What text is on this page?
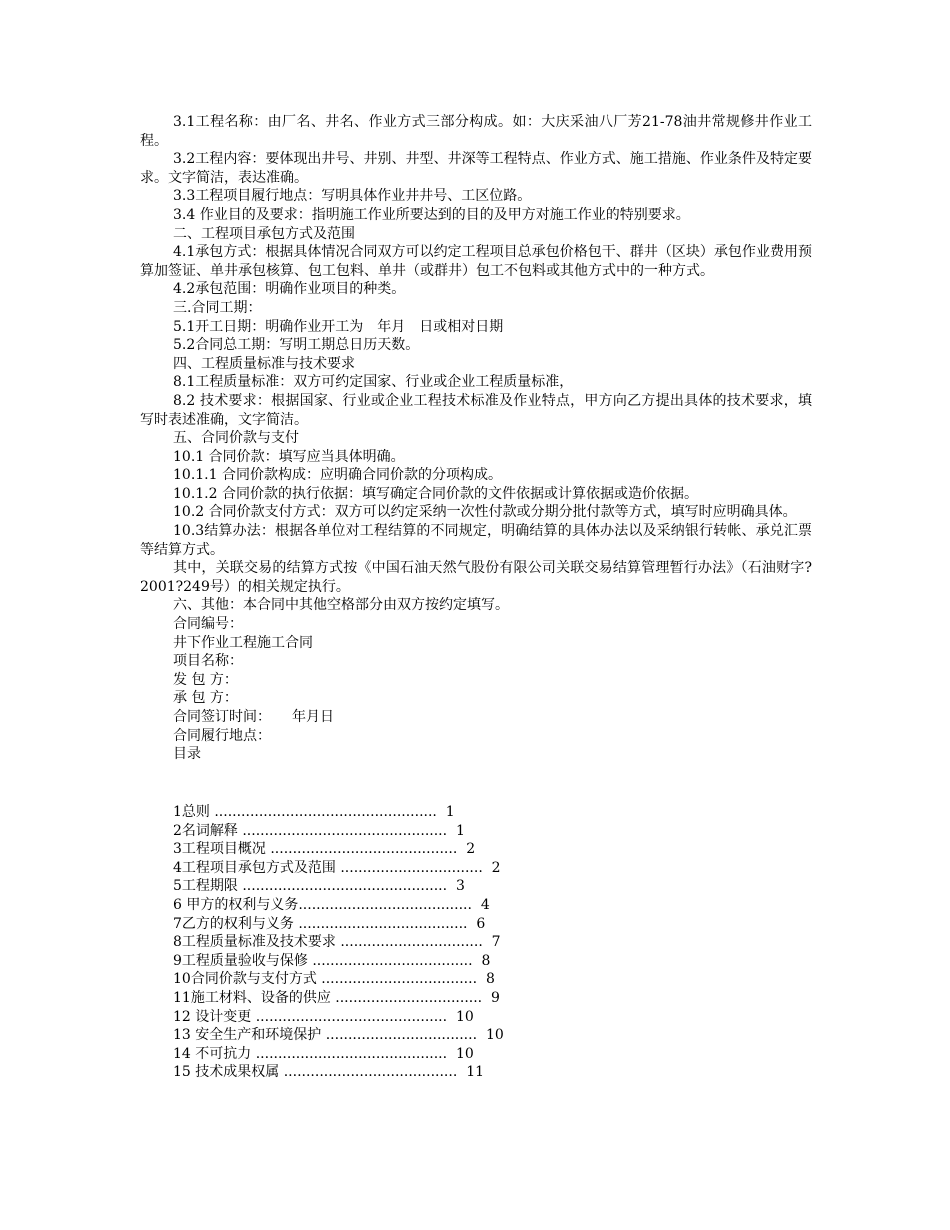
3.1工程名称：由厂名、井名、作业方式三部分构成。如：大庆采油八厂芳21-78油井常规修井作业工程。

3.2工程内容：要体现出井号、井别、井型、井深等工程特点、作业方式、施工措施、作业条件及特定要求。文字简洁，表达准确。

3.3工程项目履行地点：写明具体作业井井号、工区位路。

3.4 作业目的及要求：指明施工作业所要达到的目的及甲方对施工作业的特别要求。

二、工程项目承包方式及范围

4.1承包方式：根据具体情况合同双方可以约定工程项目总承包价格包干、群井（区块）承包作业费用预算加签证、单井承包核算、包工包料、单井（或群井）包工不包料或其他方式中的一种方式。

4.2承包范围：明确作业项目的种类。

三.合同工期：

5.1开工日期：明确作业开工为　年月　日或相对日期

5.2合同总工期：写明工期总日历天数。

四、工程质量标准与技术要求

8.1工程质量标准：双方可约定国家、行业或企业工程质量标准，

8.2 技术要求：根据国家、行业或企业工程技术标准及作业特点，甲方向乙方提出具体的技术要求，填写时表述准确，文字简洁。

五、合同价款与支付

10.1 合同价款：填写应当具体明确。

10.1.1 合同价款构成：应明确合同价款的分项构成。

10.1.2 合同价款的执行依据：填写确定合同价款的文件依据或计算依据或造价依据。

10.2 合同价款支付方式：双方可以约定采纳一次性付款或分期分批付款等方式，填写时应明确具体。

10.3结算办法：根据各单位对工程结算的不同规定，明确结算的具体办法以及采纳银行转帐、承兑汇票等结算方式。

其中，关联交易的结算方式按《中国石油天然气股份有限公司关联交易结算管理暂行办法》（石油财字?2001?249号）的相关规定执行。

六、其他：本合同中其他空格部分由双方按约定填写。

合同编号：

井下作业工程施工合同

项目名称：

发 包 方：

承 包 方：

合同签订时间：　　年月日

合同履行地点：

目录

1总则 .................................................. 1

2名词解释 .............................................. 1

3工程项目概况 .......................................... 2

4工程项目承包方式及范围 ................................ 2

5工程期限 .............................................. 3

6 甲方的权利与义务....................................... 4

7乙方的权利与义务 ...................................... 6

8工程质量标准及技术要求 ................................ 7

9工程质量验收与保修 .................................... 8

10合同价款与支付方式 ................................... 8

11施工材料、设备的供应 ................................. 9

12 设计变更 ........................................... 10

13 安全生产和环境保护 .................................. 10

14 不可抗力 ........................................... 10

15 技术成果权属 ....................................... 11
